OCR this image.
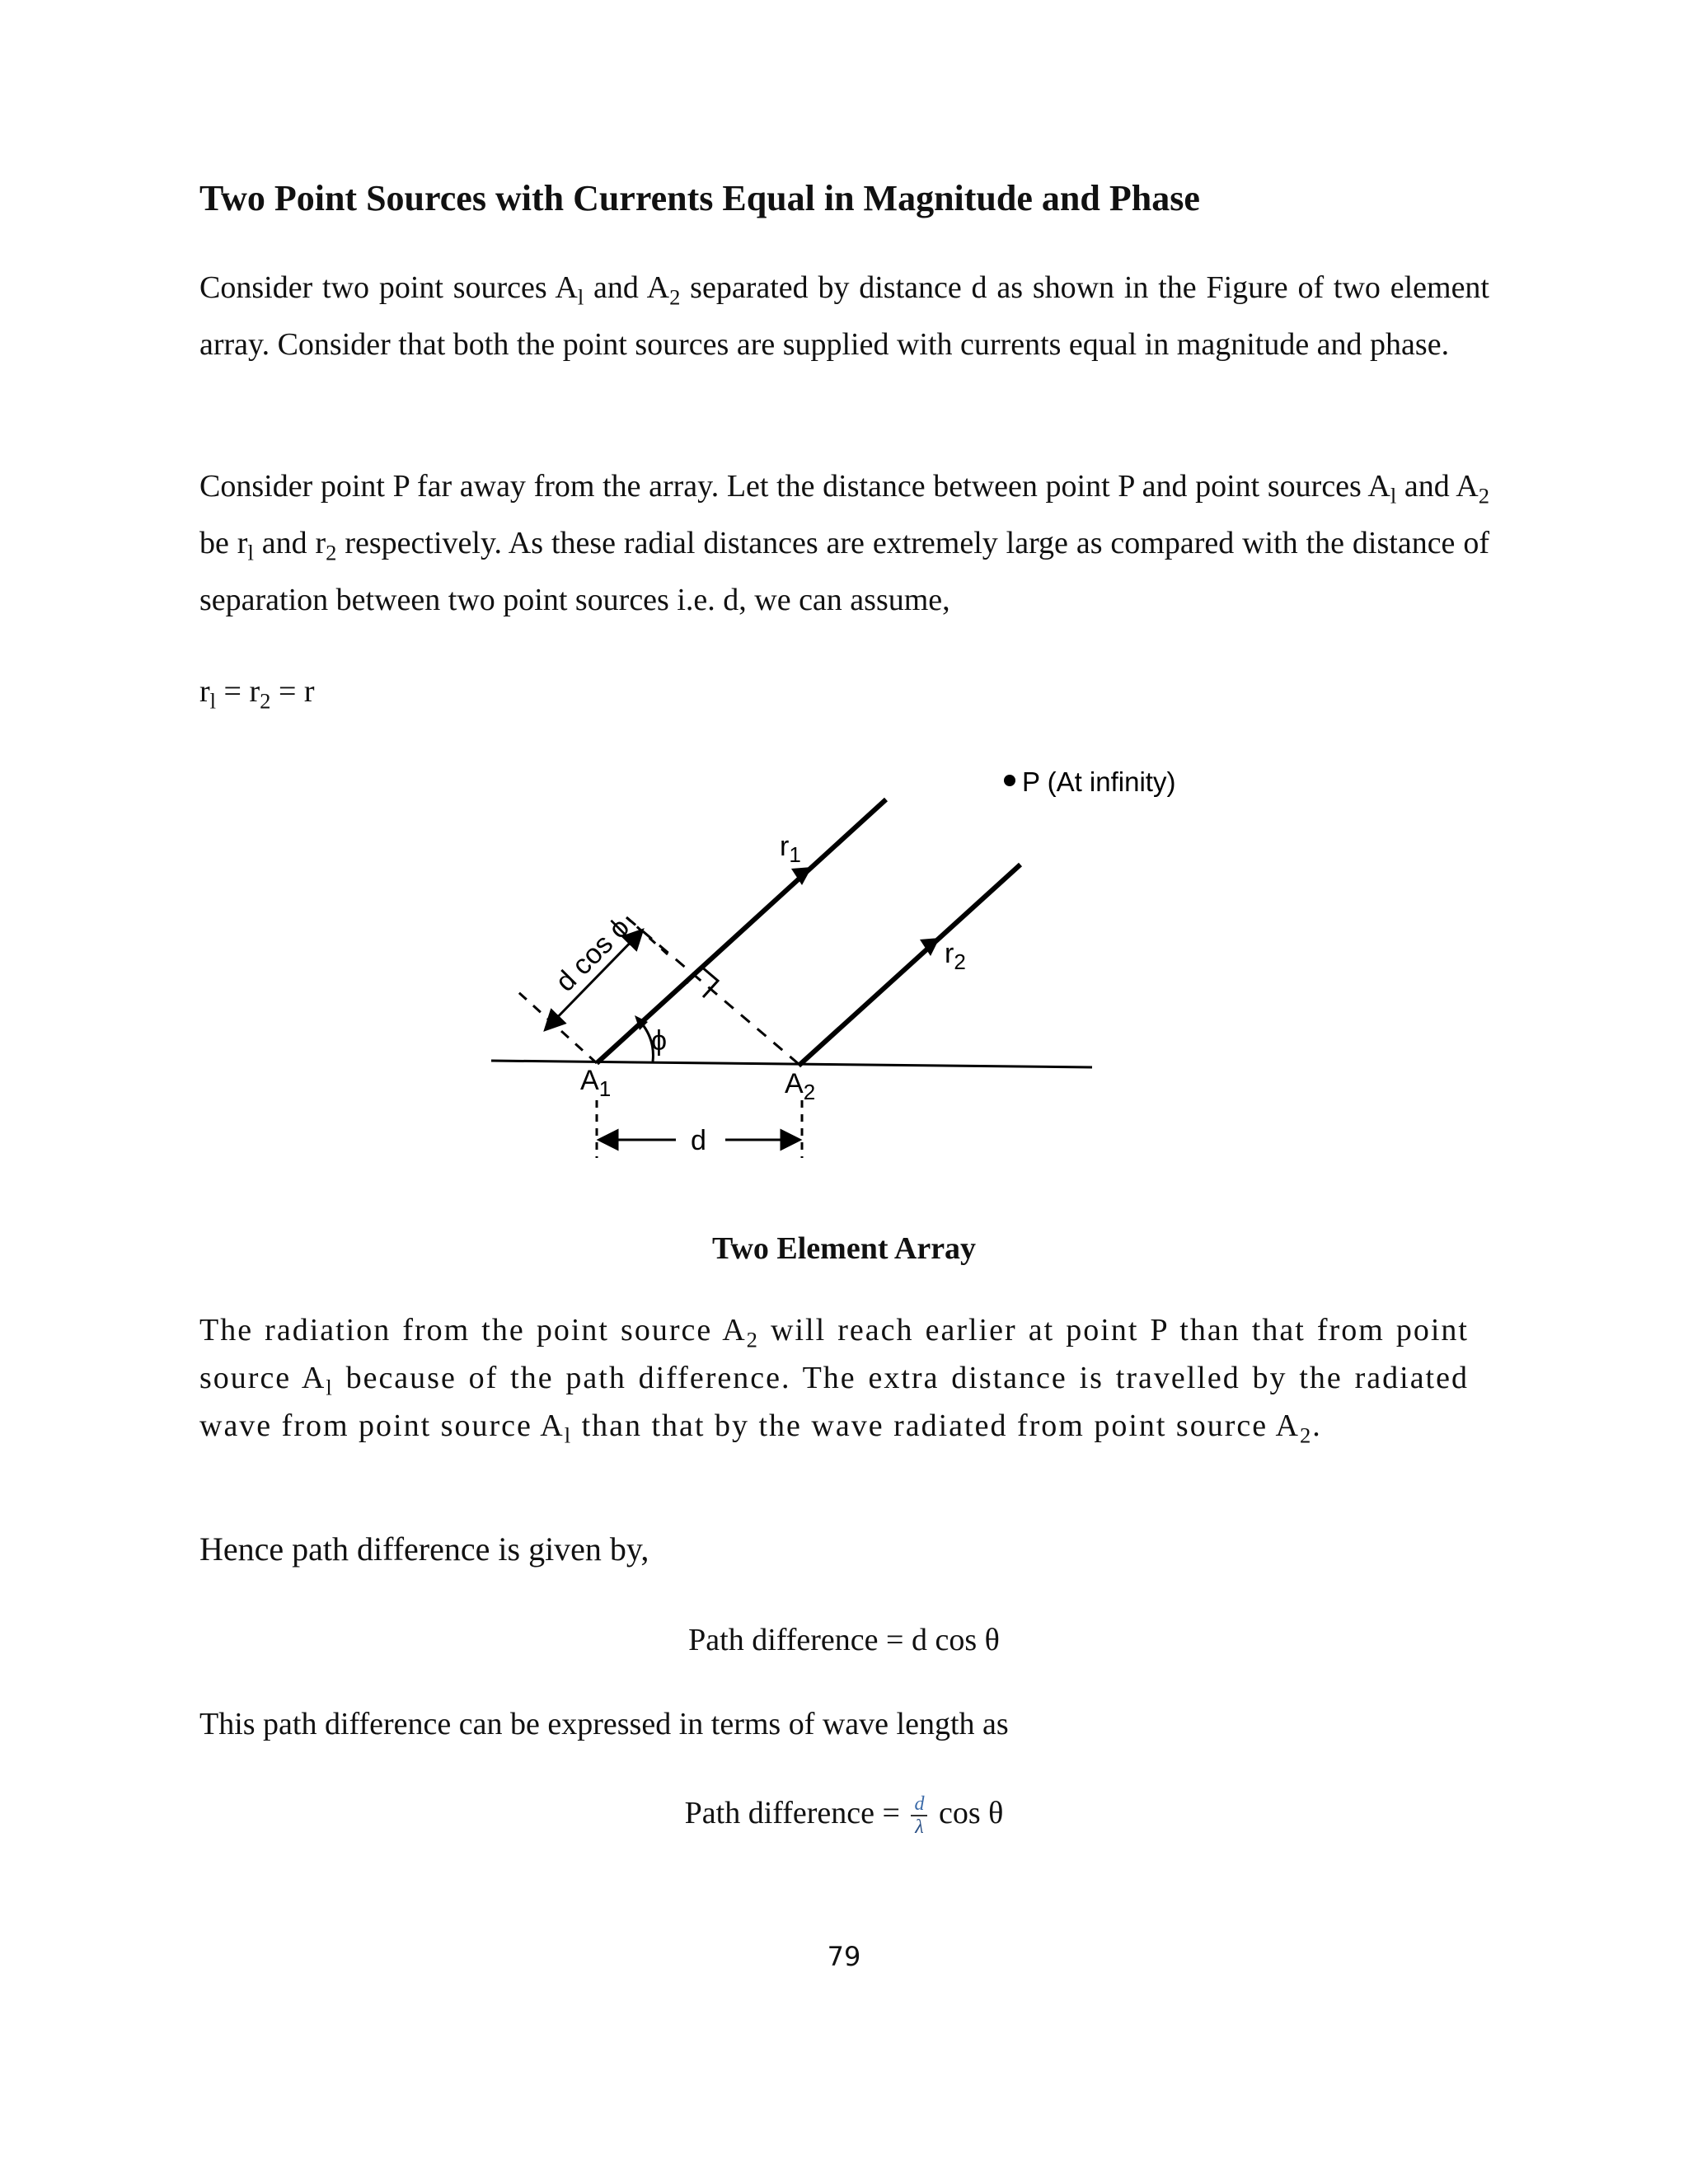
Two Point Sources with Currents Equal in Magnitude and Phase

Consider two point sources $A_l$ and $A_2$ separated by distance d as shown in the Figure of two element array. Consider that both the point sources are supplied with currents equal in magnitude and phase.

Consider point P far away from the array. Let the distance between point P and point sources $A_l$ and $A_2$ be $r_l$ and $r_2$ respectively. As these radial distances are extremely large as compared with the distance of separation between two point sources i.e. d, we can assume,

$r_l = r_2 = r$

d cos ϕ
ϕ
$A_1$	$A_2$
$r_1$
$r_2$
P (At infinity)
d

Two Element Array

The radiation from the point source $A_2$ will reach earlier at point P than that from point source $A_l$ because of the path difference. The extra distance is travelled by the radiated wave from point source $A_l$ than that by the wave radiated from point source $A_2$.

Hence path difference is given by,

Path difference = d cos θ

This path difference can be expressed in terms of wave length as

Path difference = $\frac{d}{\lambda}$ cos θ

79
